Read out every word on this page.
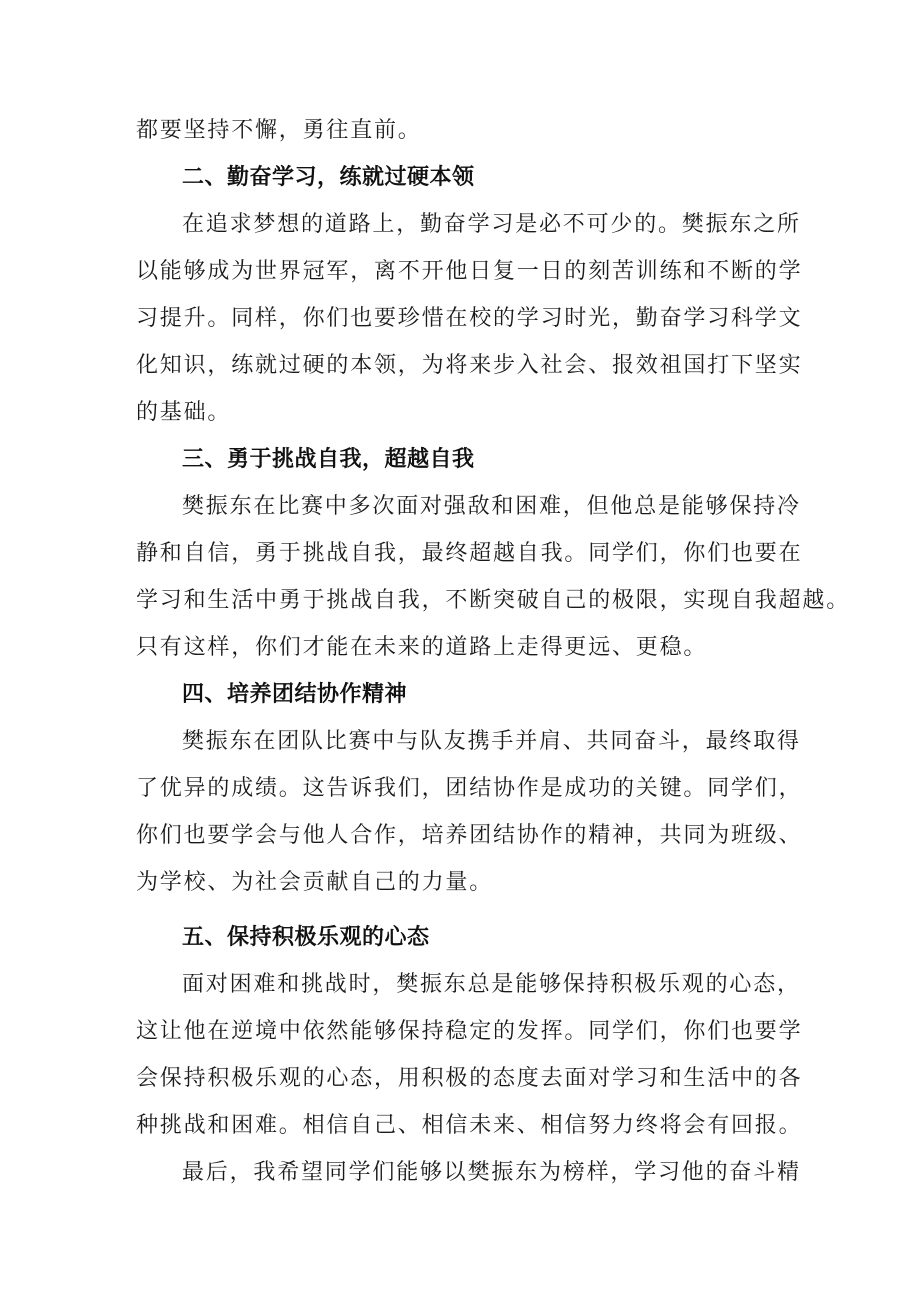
都要坚持不懈，勇往直前。

二、勤奋学习，练就过硬本领

在追求梦想的道路上，勤奋学习是必不可少的。樊振东之所

以能够成为世界冠军，离不开他日复一日的刻苦训练和不断的学

习提升。同样，你们也要珍惜在校的学习时光，勤奋学习科学文

化知识，练就过硬的本领，为将来步入社会、报效祖国打下坚实

的基础。

三、勇于挑战自我，超越自我

樊振东在比赛中多次面对强敌和困难，但他总是能够保持冷

静和自信，勇于挑战自我，最终超越自我。同学们，你们也要在

学习和生活中勇于挑战自我，不断突破自己的极限，实现自我超越。

只有这样，你们才能在未来的道路上走得更远、更稳。

四、培养团结协作精神

樊振东在团队比赛中与队友携手并肩、共同奋斗，最终取得

了优异的成绩。这告诉我们，团结协作是成功的关键。同学们，

你们也要学会与他人合作，培养团结协作的精神，共同为班级、

为学校、为社会贡献自己的力量。

五、保持积极乐观的心态

面对困难和挑战时，樊振东总是能够保持积极乐观的心态，

这让他在逆境中依然能够保持稳定的发挥。同学们，你们也要学

会保持积极乐观的心态，用积极的态度去面对学习和生活中的各

种挑战和困难。相信自己、相信未来、相信努力终将会有回报。

最后，我希望同学们能够以樊振东为榜样，学习他的奋斗精
